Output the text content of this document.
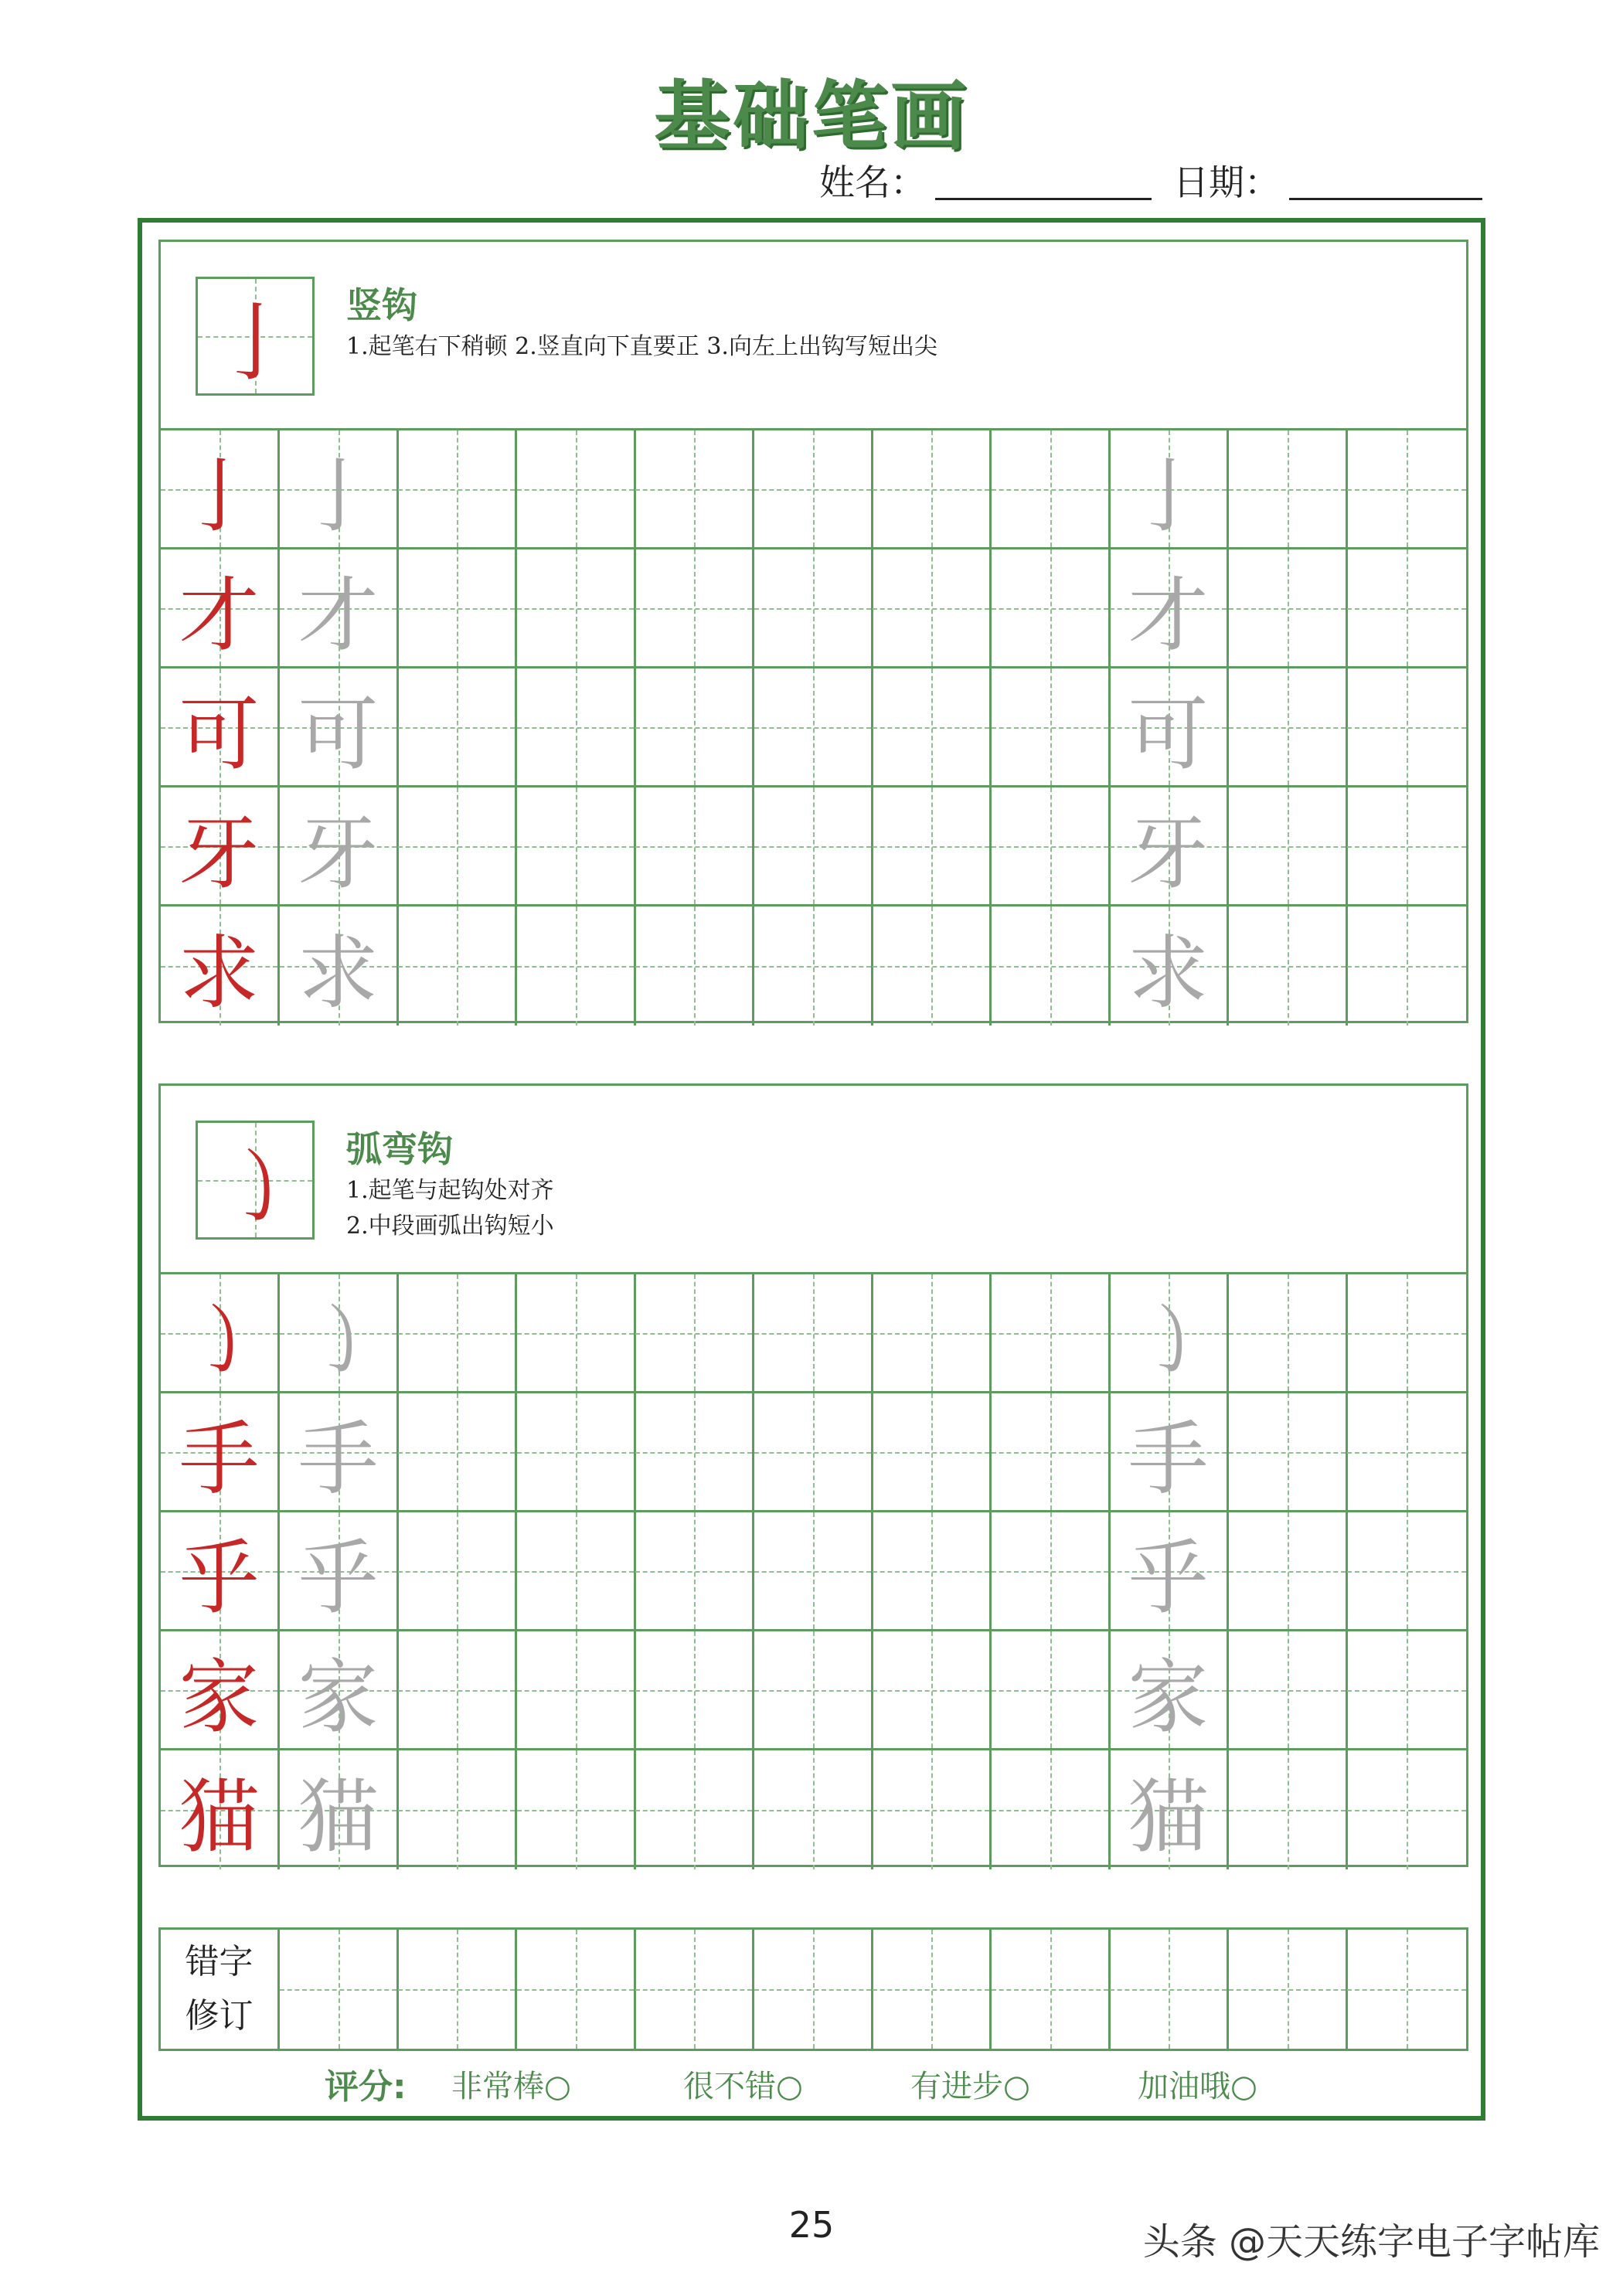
基础笔画
姓名：	日期：
亅	竖钩
1.起笔右下稍顿 2.竖直向下直要正 3.向左上出钩写短出尖
亅 亅	亅
才 才	才
可 可	可
牙 牙	牙
求 求	求
㇁	弧弯钩
1.起笔与起钩处对齐
2.中段画弧出钩短小
㇁ ㇁	㇁
手 手	手
乎 乎	乎
家 家	家
猫 猫	猫
错字
修订
评分: 非常棒○	很不错○	有进步○	加油哦○
25	头条 @天天练字电子字帖库
